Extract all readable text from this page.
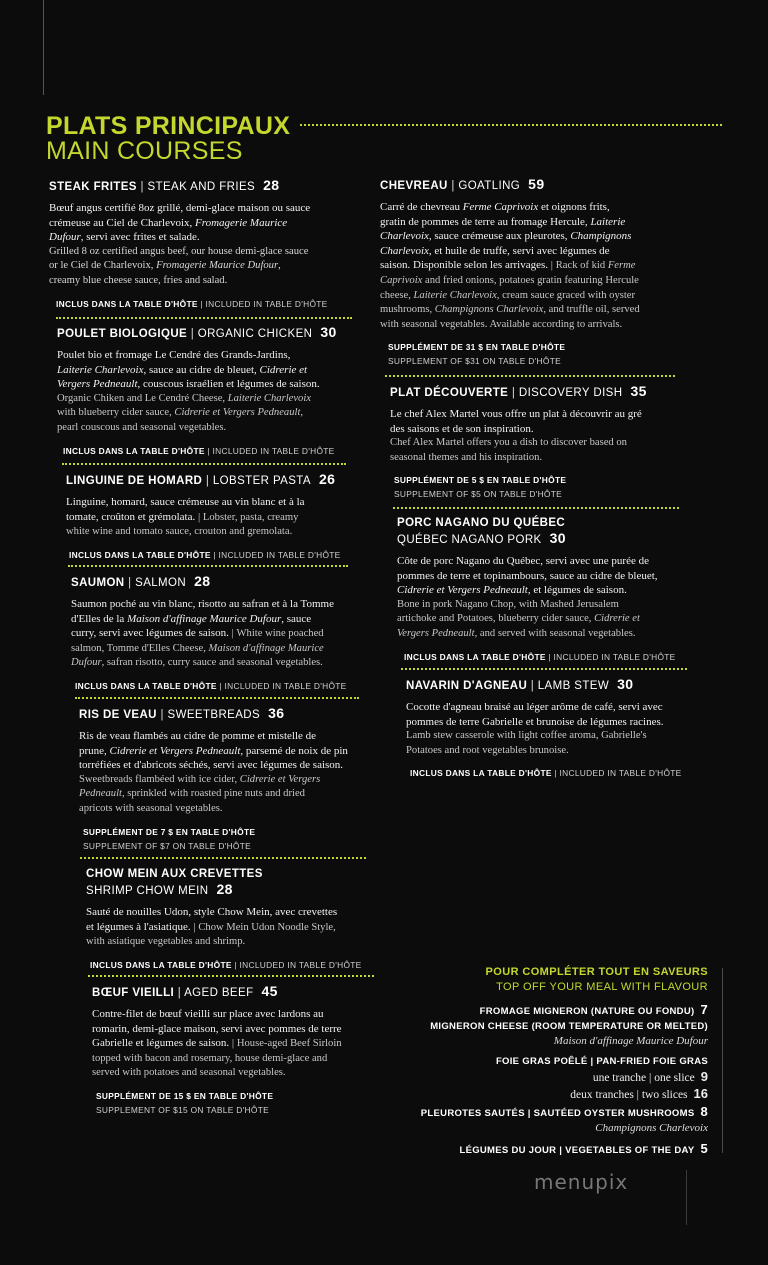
PLATS PRINCIPAUX
MAIN COURSES
STEAK FRITES | STEAK AND FRIES 28
Bœuf angus certifié 8oz grillé, demi-glace maison ou sauce
crémeuse au Ciel de Charlevoix, Fromagerie Maurice
Dufour, servi avec frites et salade.
Grilled 8 oz certified angus beef, our house demi-glace sauce
or le Ciel de Charlevoix, Fromagerie Maurice Dufour,
creamy blue cheese sauce, fries and salad.
INCLUS DANS LA TABLE D'HÔTE | INCLUDED IN TABLE D'HÔTE
POULET BIOLOGIQUE | ORGANIC CHICKEN 30
Poulet bio et fromage Le Cendré des Grands-Jardins,
Laiterie Charlevoix, sauce au cidre de bleuet, Cidrerie et
Vergers Pedneault, couscous israélien et légumes de saison.
Organic Chiken and Le Cendré Cheese, Laiterie Charlevoix
with blueberry cider sauce, Cidrerie et Vergers Pedneault,
pearl couscous and seasonal vegetables.
INCLUS DANS LA TABLE D'HÔTE | INCLUDED IN TABLE D'HÔTE
LINGUINE DE HOMARD | LOBSTER PASTA 26
Linguine, homard, sauce crémeuse au vin blanc et à la
tomate, croûton et grémolata. | Lobster, pasta, creamy
white wine and tomato sauce, crouton and gremolata.
INCLUS DANS LA TABLE D'HÔTE | INCLUDED IN TABLE D'HÔTE
SAUMON | SALMON 28
Saumon poché au vin blanc, risotto au safran et à la Tomme
d'Elles de la Maison d'affinage Maurice Dufour, sauce
curry, servi avec légumes de saison. | White wine poached
salmon, Tomme d'Elles Cheese, Maison d'affinage Maurice
Dufour, safran risotto, curry sauce and seasonal vegetables.
INCLUS DANS LA TABLE D'HÔTE | INCLUDED IN TABLE D'HÔTE
RIS DE VEAU | SWEETBREADS 36
Ris de veau flambés au cidre de pomme et mistelle de
prune, Cidrerie et Vergers Pedneault, parsemé de noix de pin
torréfiées et d'abricots séchés, servi avec légumes de saison.
Sweetbreads flambéed with ice cider, Cidrerie et Vergers
Pedneault, sprinkled with roasted pine nuts and dried
apricots with seasonal vegetables.
SUPPLÉMENT DE 7 $ EN TABLE D'HÔTE
SUPPLEMENT OF $7 ON TABLE D'HÔTE
CHOW MEIN AUX CREVETTES
SHRIMP CHOW MEIN 28
Sauté de nouilles Udon, style Chow Mein, avec crevettes
et légumes à l'asiatique. | Chow Mein Udon Noodle Style,
with asiatique vegetables and shrimp.
INCLUS DANS LA TABLE D'HÔTE | INCLUDED IN TABLE D'HÔTE
BŒUF VIEILLI | AGED BEEF 45
Contre-filet de bœuf vieilli sur place avec lardons au
romarin, demi-glace maison, servi avec pommes de terre
Gabrielle et légumes de saison. | House-aged Beef Sirloin
topped with bacon and rosemary, house demi-glace and
served with potatoes and seasonal vegetables.
SUPPLÉMENT DE 15 $ EN TABLE D'HÔTE
SUPPLEMENT OF $15 ON TABLE D'HÔTE
CHEVREAU | GOATLING 59
Carré de chevreau Ferme Caprivoix et oignons frits,
gratin de pommes de terre au fromage Hercule, Laiterie
Charlevoix, sauce crémeuse aux pleurotes, Champignons
Charlevoix, et huile de truffe, servi avec légumes de
saison. Disponible selon les arrivages. | Rack of kid Ferme
Caprivoix and fried onions, potatoes gratin featuring Hercule
cheese, Laiterie Charlevoix, cream sauce graced with oyster
mushrooms, Champignons Charlevoix, and truffle oil, served
with seasonal vegetables. Available according to arrivals.
SUPPLÉMENT DE 31 $ EN TABLE D'HÔTE
SUPPLEMENT OF $31 ON TABLE D'HÔTE
PLAT DÉCOUVERTE | DISCOVERY DISH 35
Le chef Alex Martel vous offre un plat à découvrir au gré
des saisons et de son inspiration.
Chef Alex Martel offers you a dish to discover based on
seasonal themes and his inspiration.
SUPPLÉMENT DE 5 $ EN TABLE D'HÔTE
SUPPLEMENT OF $5 ON TABLE D'HÔTE
PORC NAGANO DU QUÉBEC
QUÉBEC NAGANO PORK 30
Côte de porc Nagano du Québec, servi avec une purée de
pommes de terre et topinambours, sauce au cidre de bleuet,
Cidrerie et Vergers Pedneault, et légumes de saison.
Bone in pork Nagano Chop, with Mashed Jerusalem
artichoke and Potatoes, blueberry cider sauce, Cidrerie et
Vergers Pedneault, and served with seasonal vegetables.
INCLUS DANS LA TABLE D'HÔTE | INCLUDED IN TABLE D'HÔTE
NAVARIN D'AGNEAU | LAMB STEW 30
Cocotte d'agneau braisé au léger arôme de café, servi avec
pommes de terre Gabrielle et brunoise de légumes racines.
Lamb stew casserole with light coffee aroma, Gabrielle's
Potatoes and root vegetables brunoise.
INCLUS DANS LA TABLE D'HÔTE | INCLUDED IN TABLE D'HÔTE
POUR COMPLÉTER TOUT EN SAVEURS
TOP OFF YOUR MEAL WITH FLAVOUR
FROMAGE MIGNERON (NATURE OU FONDU) 7
MIGNERON CHEESE (ROOM TEMPERATURE OR MELTED)
Maison d'affinage Maurice Dufour
FOIE GRAS POÊLÉ | PAN-FRIED FOIE GRAS
une tranche | one slice 9
deux tranches | two slices 16
PLEUROTES SAUTÉS | SAUTÉED OYSTER MUSHROOMS 8
Champignons Charlevoix
LÉGUMES DU JOUR | VEGETABLES OF THE DAY 5
menupix
